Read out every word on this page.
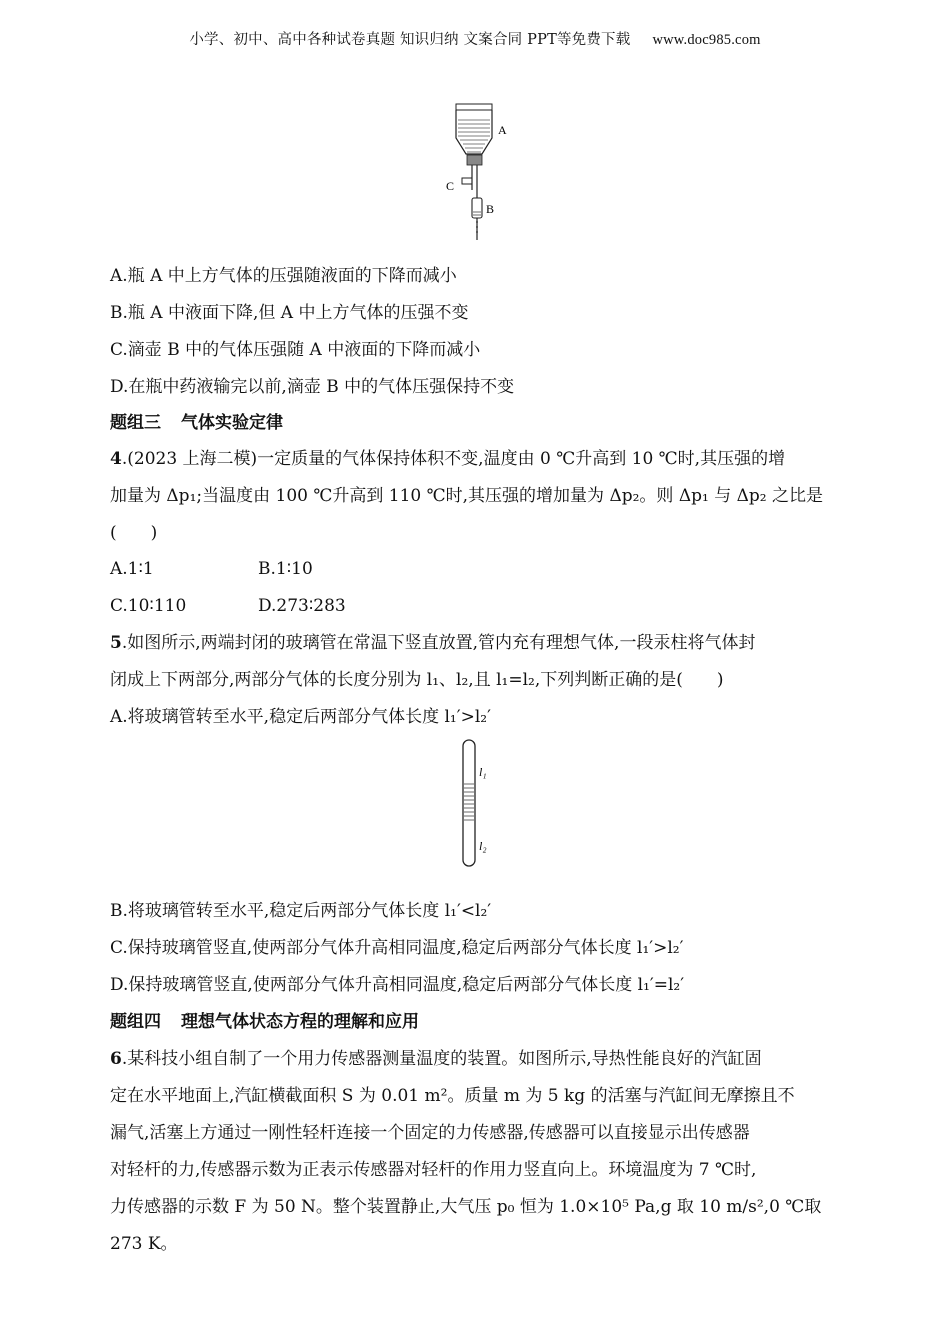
小学、初中、高中各种试卷真题 知识归纳 文案合同 PPT等免费下载 www.doc985.com
A
C
B
A.瓶 A 中上方气体的压强随液面的下降而减小
B.瓶 A 中液面下降,但 A 中上方气体的压强不变
C.滴壶 B 中的气体压强随 A 中液面的下降而减小
D.在瓶中药液输完以前,滴壶 B 中的气体压强保持不变
题组三 气体实验定律
4.(2023 上海二模)一定质量的气体保持体积不变,温度由 0 ℃升高到 10 ℃时,其压强的增
加量为 Δp₁;当温度由 100 ℃升高到 110 ℃时,其压强的增加量为 Δp₂。则 Δp₁ 与 Δp₂ 之比是
(　　)
A.1∶1	B.1∶10
C.10∶110	D.273∶283
5.如图所示,两端封闭的玻璃管在常温下竖直放置,管内充有理想气体,一段汞柱将气体封
闭成上下两部分,两部分气体的长度分别为 l₁、l₂,且 l₁=l₂,下列判断正确的是(　　)
A.将玻璃管转至水平,稳定后两部分气体长度 l₁′>l₂′
B.将玻璃管转至水平,稳定后两部分气体长度 l₁′<l₂′
C.保持玻璃管竖直,使两部分气体升高相同温度,稳定后两部分气体长度 l₁′>l₂′
D.保持玻璃管竖直,使两部分气体升高相同温度,稳定后两部分气体长度 l₁′=l₂′
题组四 理想气体状态方程的理解和应用
6.某科技小组自制了一个用力传感器测量温度的装置。如图所示,导热性能良好的汽缸固
定在水平地面上,汽缸横截面积 S 为 0.01 m²。质量 m 为 5 kg 的活塞与汽缸间无摩擦且不
漏气,活塞上方通过一刚性轻杆连接一个固定的力传感器,传感器可以直接显示出传感器
对轻杆的力,传感器示数为正表示传感器对轻杆的作用力竖直向上。环境温度为 7 ℃时,
力传感器的示数 F 为 50 N。整个装置静止,大气压 p₀ 恒为 1.0×10⁵ Pa,g 取 10 m/s²,0 ℃取
273 K。
l₁
l₂
